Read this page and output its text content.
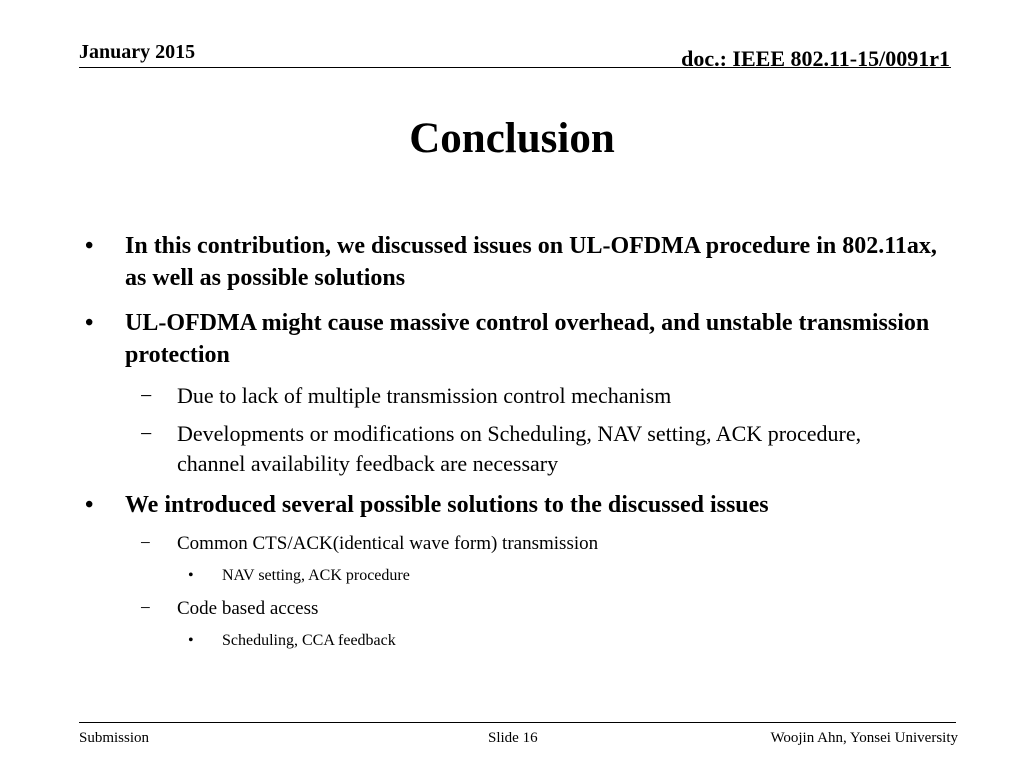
January 2015	doc.: IEEE 802.11-15/0091r1
Conclusion
• In this contribution, we discussed issues on UL-OFDMA procedure in 802.11ax, as well as possible solutions
• UL-OFDMA might cause massive control overhead, and unstable transmission protection
− Due to lack of multiple transmission control mechanism
− Developments or modifications on Scheduling, NAV setting, ACK procedure, channel availability feedback are necessary
• We introduced several possible solutions to the discussed issues
− Common CTS/ACK(identical wave form) transmission
• NAV setting, ACK procedure
− Code based access
• Scheduling, CCA feedback
Submission	Slide 16	Woojin Ahn, Yonsei University
